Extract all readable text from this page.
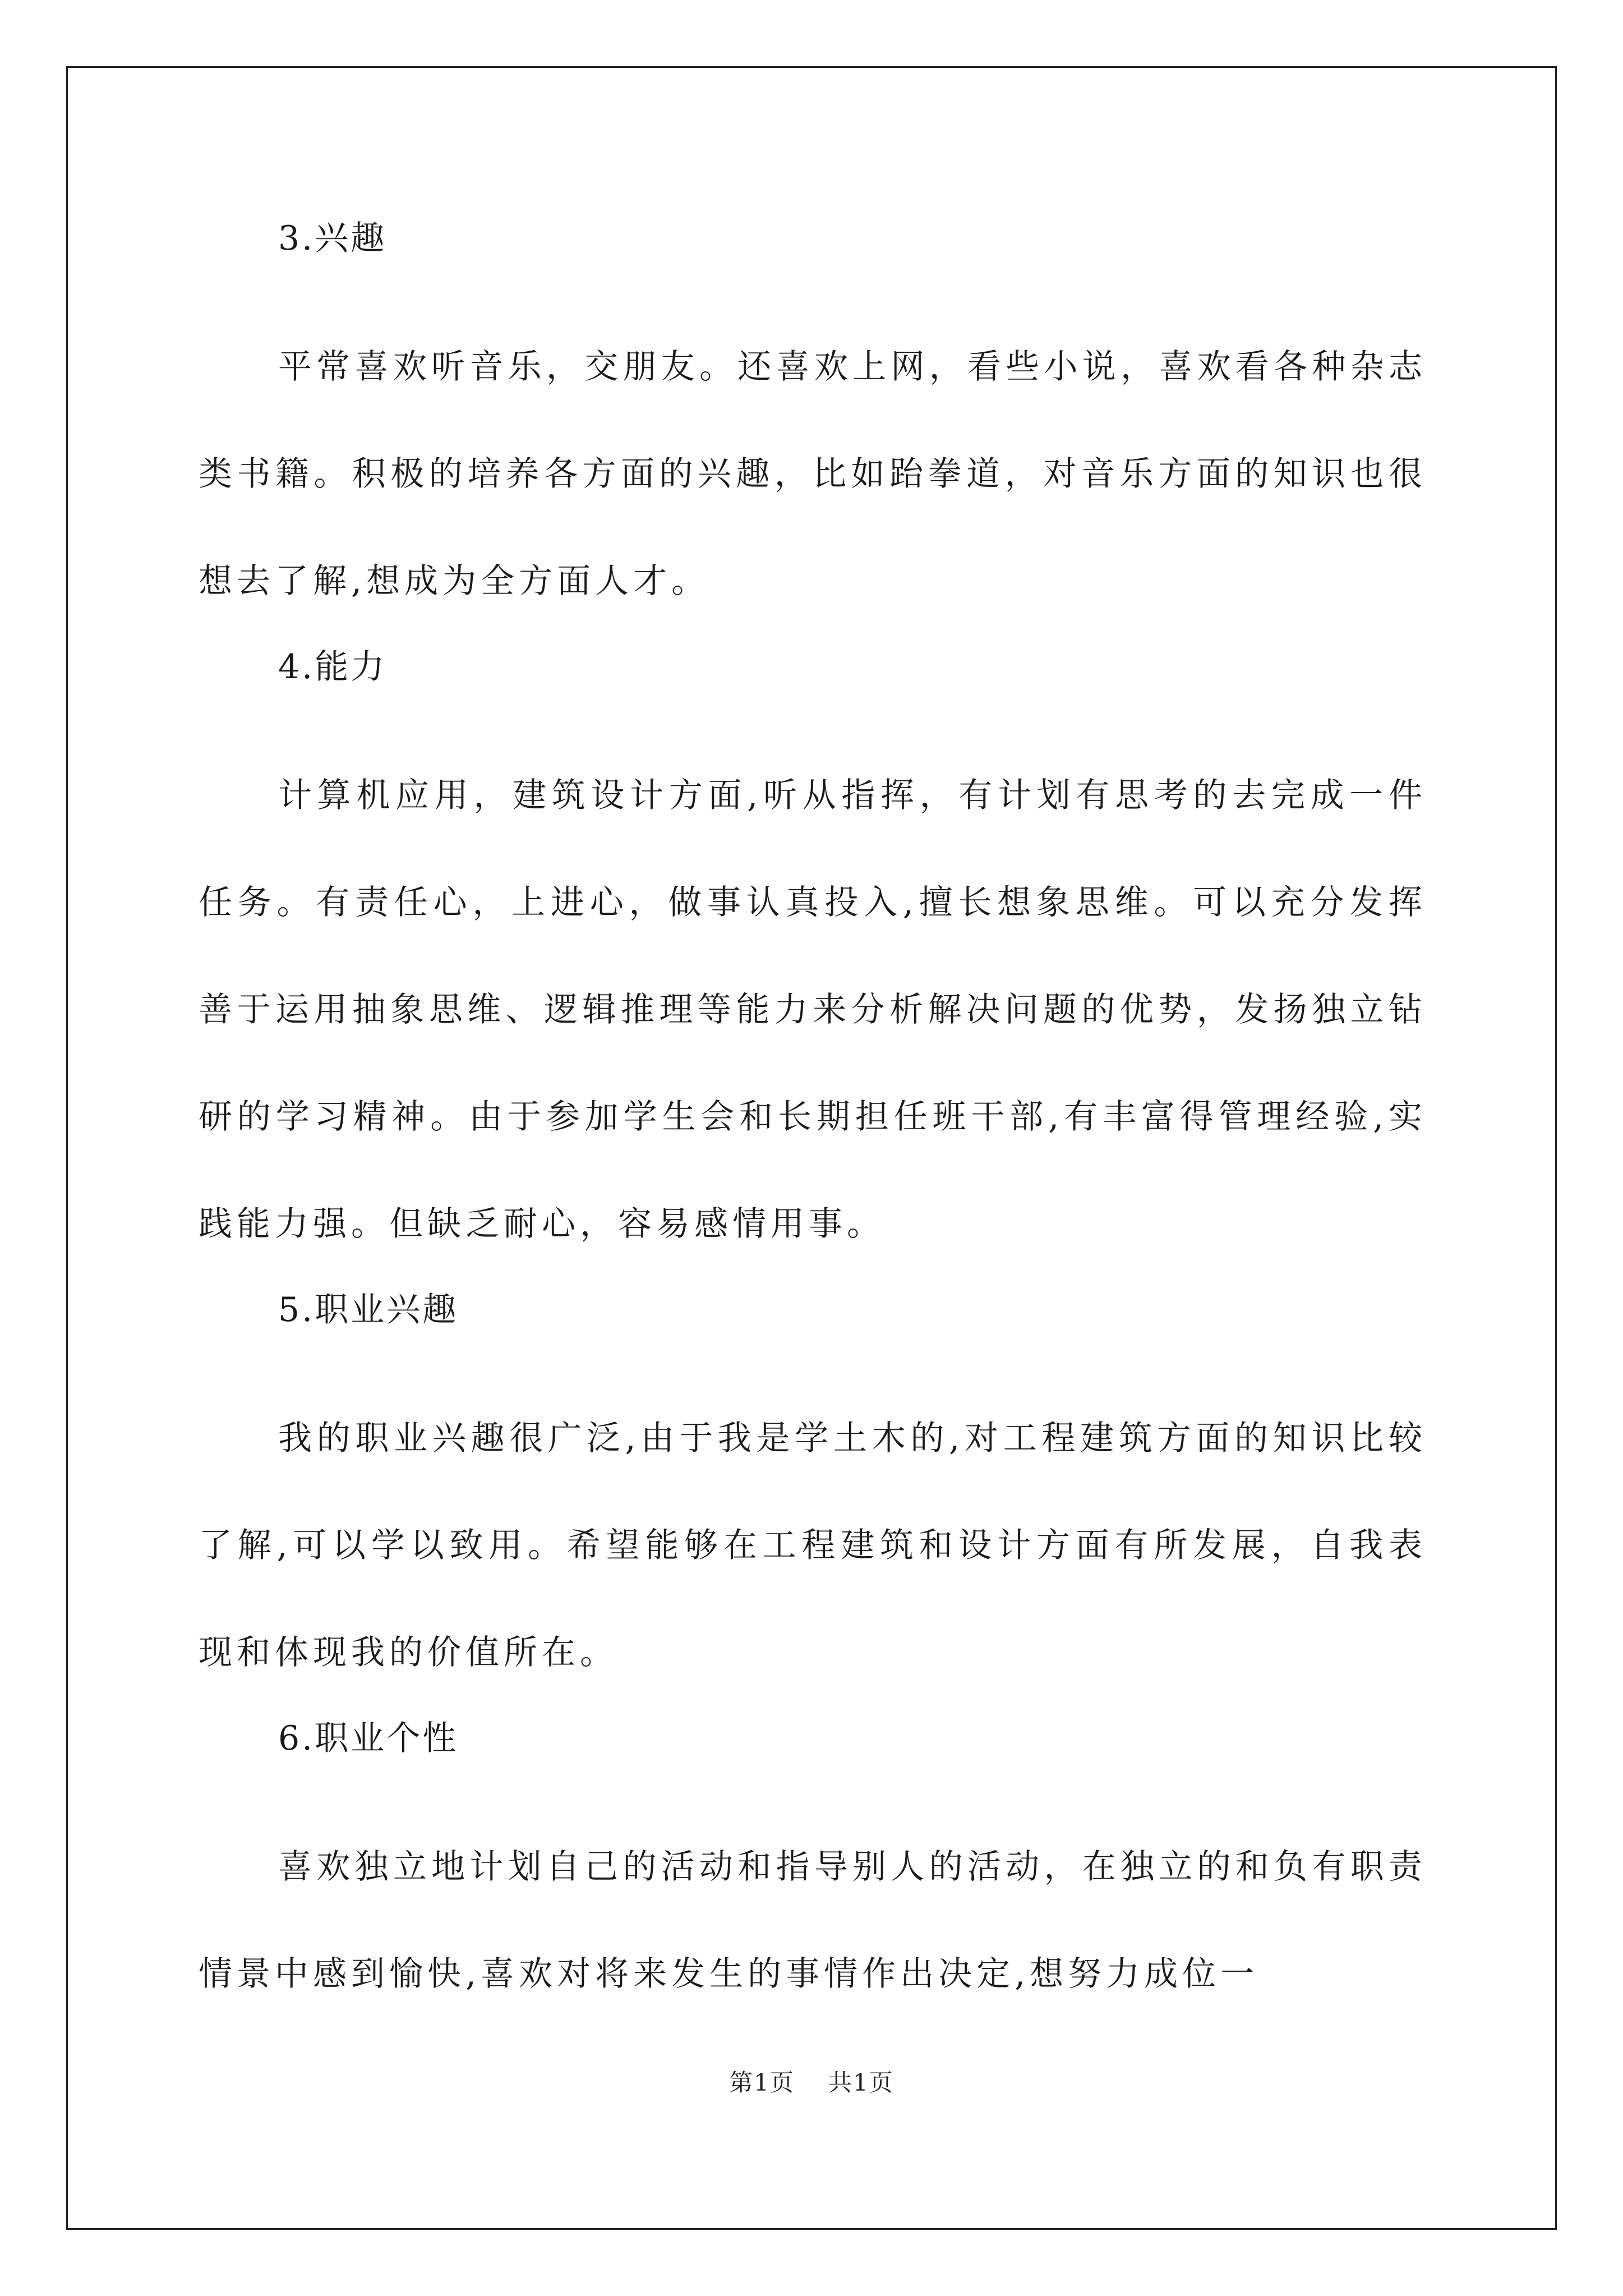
3.兴趣

平常喜欢听音乐，交朋友。还喜欢上网，看些小说，喜欢看各种杂志类书籍。积极的培养各方面的兴趣，比如跆拳道，对音乐方面的知识也很想去了解,想成为全方面人才。

4.能力

计算机应用，建筑设计方面,听从指挥，有计划有思考的去完成一件任务。有责任心，上进心，做事认真投入,擅长想象思维。可以充分发挥善于运用抽象思维、逻辑推理等能力来分析解决问题的优势，发扬独立钻研的学习精神。由于参加学生会和长期担任班干部,有丰富得管理经验,实践能力强。但缺乏耐心，容易感情用事。

5.职业兴趣

我的职业兴趣很广泛,由于我是学土木的,对工程建筑方面的知识比较了解,可以学以致用。希望能够在工程建筑和设计方面有所发展，自我表现和体现我的价值所在。

6.职业个性

喜欢独立地计划自己的活动和指导别人的活动，在独立的和负有职责情景中感到愉快,喜欢对将来发生的事情作出决定,想努力成位一

第1页 共1页
